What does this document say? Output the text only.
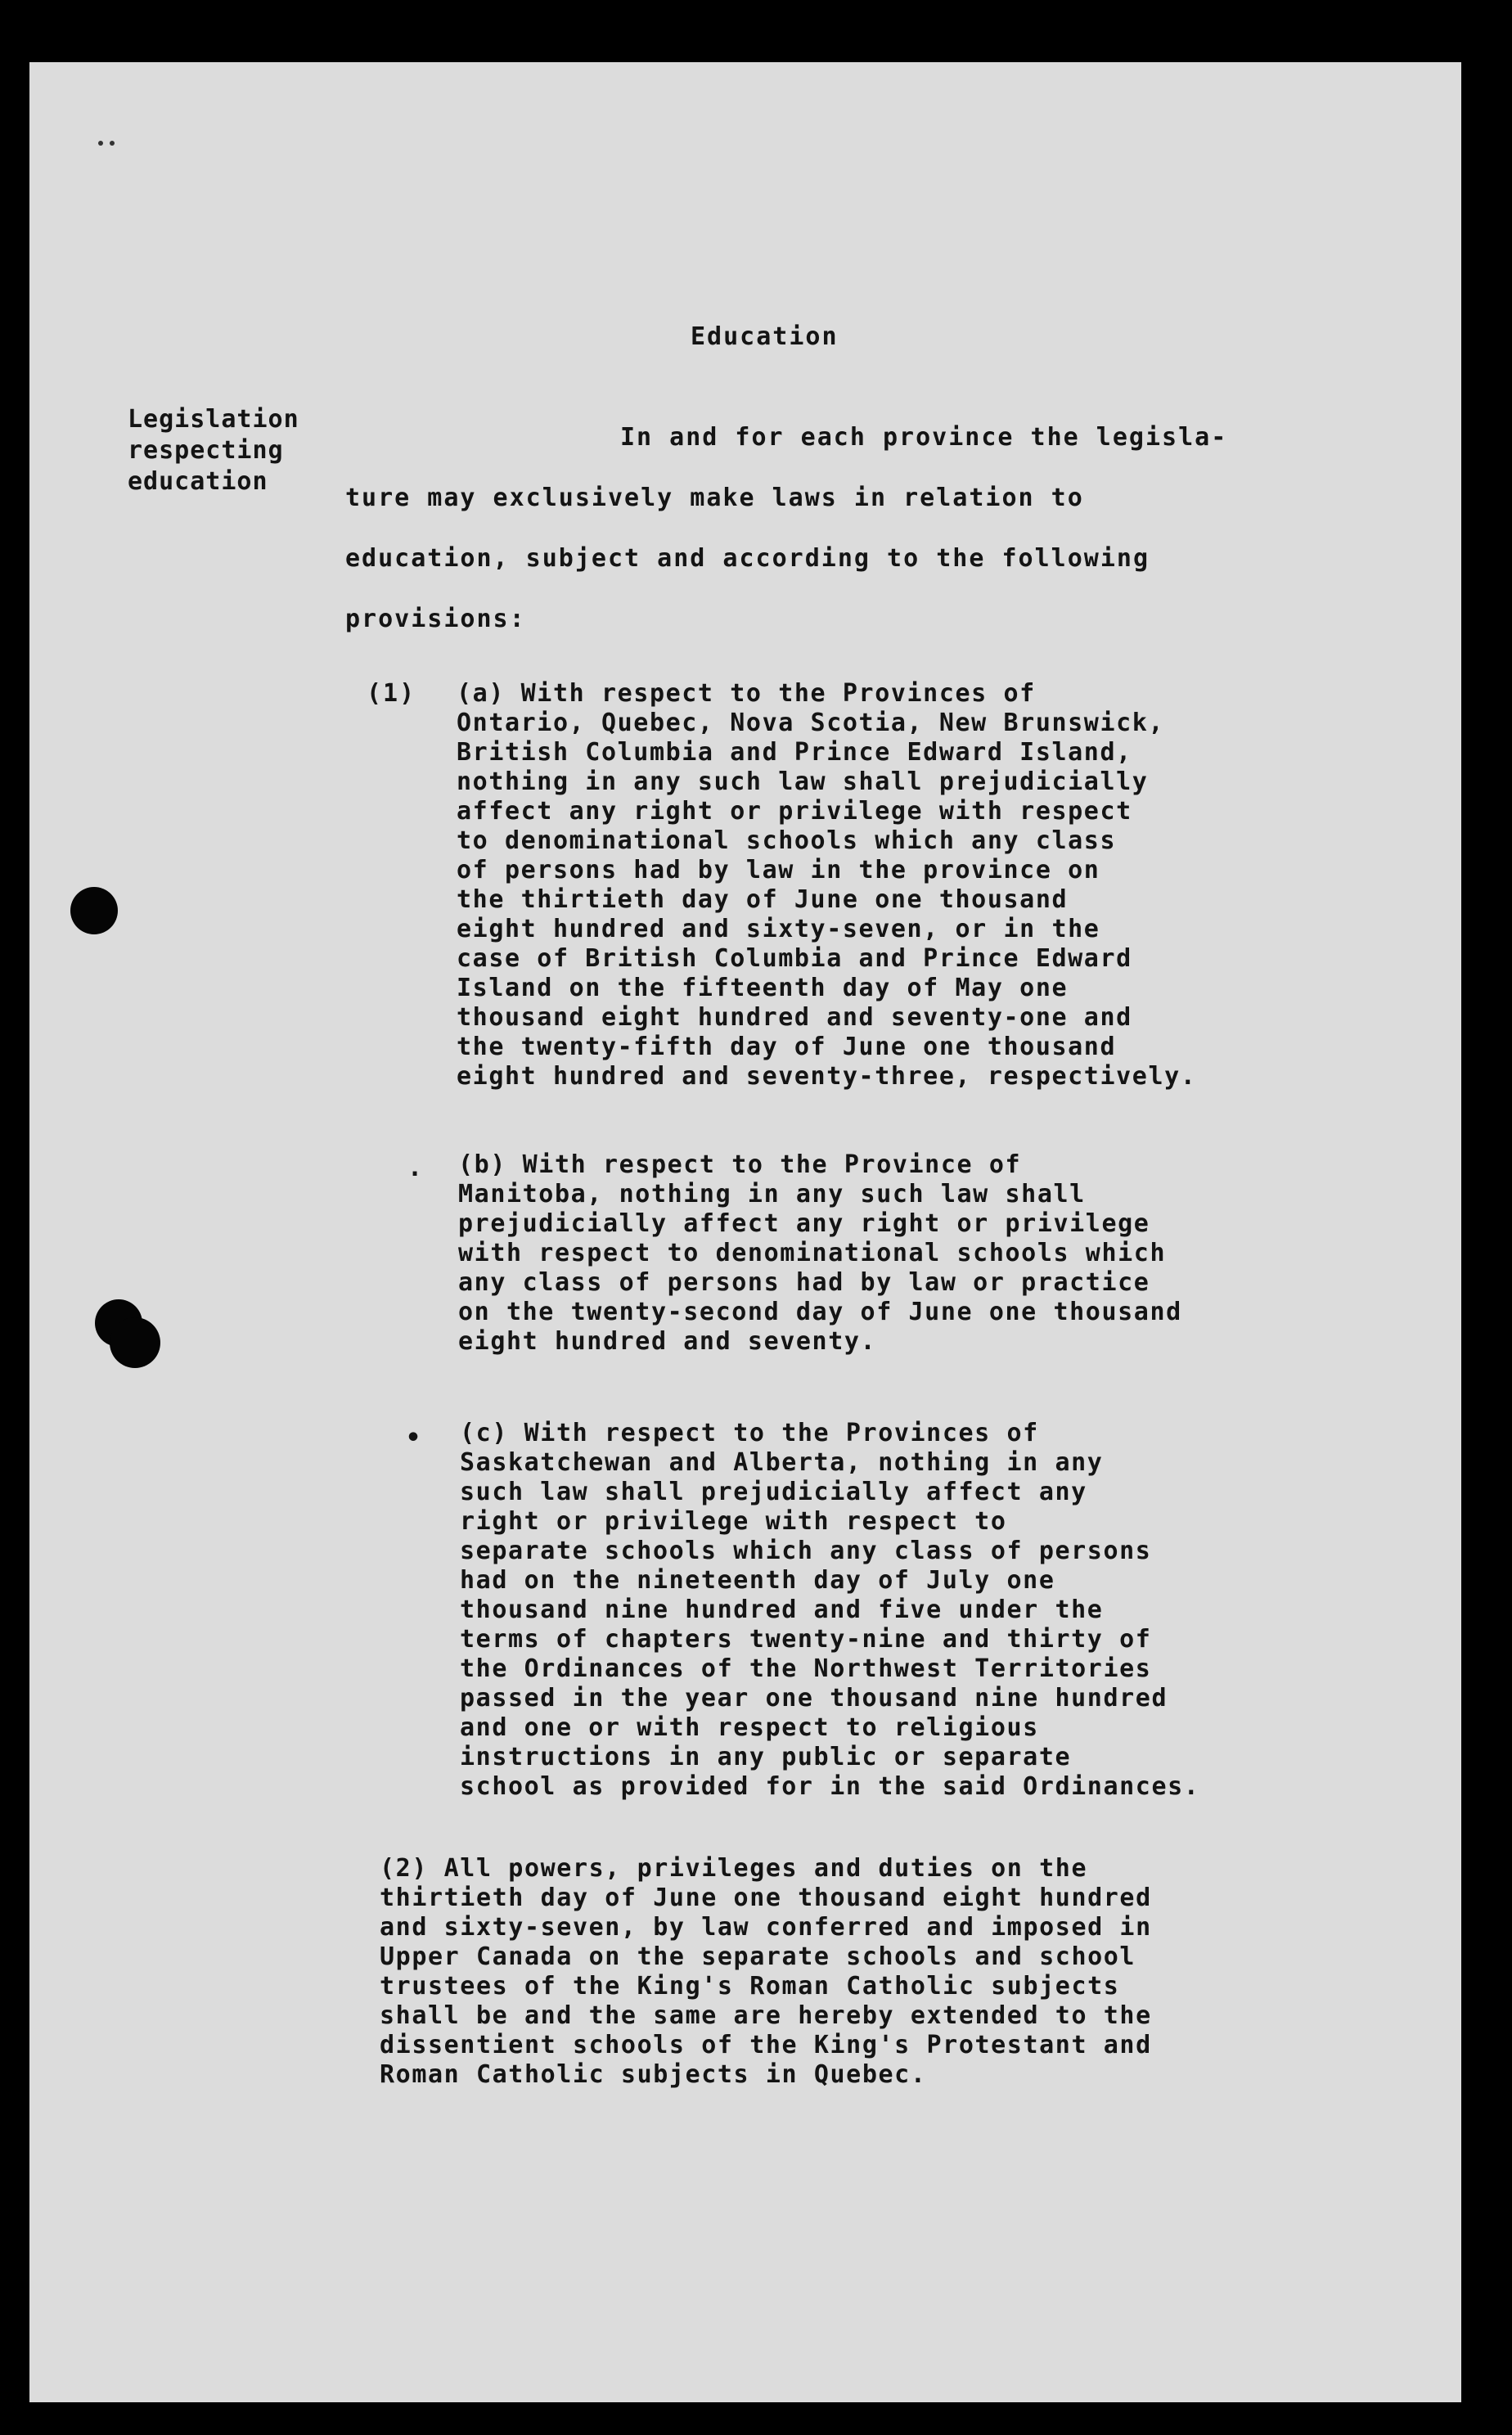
Education
Legislation
respecting
education
In and for each province the legisla-
ture may exclusively make laws in relation to
education, subject and according to the following
provisions:
(1) (a) With respect to the Provinces of
Ontario, Quebec, Nova Scotia, New Brunswick,
British Columbia and Prince Edward Island,
nothing in any such law shall prejudicially
affect any right or privilege with respect
to denominational schools which any class
of persons had by law in the province on
the thirtieth day of June one thousand
eight hundred and sixty-seven, or in the
case of British Columbia and Prince Edward
Island on the fifteenth day of May one
thousand eight hundred and seventy-one and
the twenty-fifth day of June one thousand
eight hundred and seventy-three, respectively.
. (b) With respect to the Province of
Manitoba, nothing in any such law shall
prejudicially affect any right or privilege
with respect to denominational schools which
any class of persons had by law or practice
on the twenty-second day of June one thousand
eight hundred and seventy.
• (c) With respect to the Provinces of
Saskatchewan and Alberta, nothing in any
such law shall prejudicially affect any
right or privilege with respect to
separate schools which any class of persons
had on the nineteenth day of July one
thousand nine hundred and five under the
terms of chapters twenty-nine and thirty of
the Ordinances of the Northwest Territories
passed in the year one thousand nine hundred
and one or with respect to religious
instructions in any public or separate
school as provided for in the said Ordinances.
(2) All powers, privileges and duties on the
thirtieth day of June one thousand eight hundred
and sixty-seven, by law conferred and imposed in
Upper Canada on the separate schools and school
trustees of the King's Roman Catholic subjects
shall be and the same are hereby extended to the
dissentient schools of the King's Protestant and
Roman Catholic subjects in Quebec.
